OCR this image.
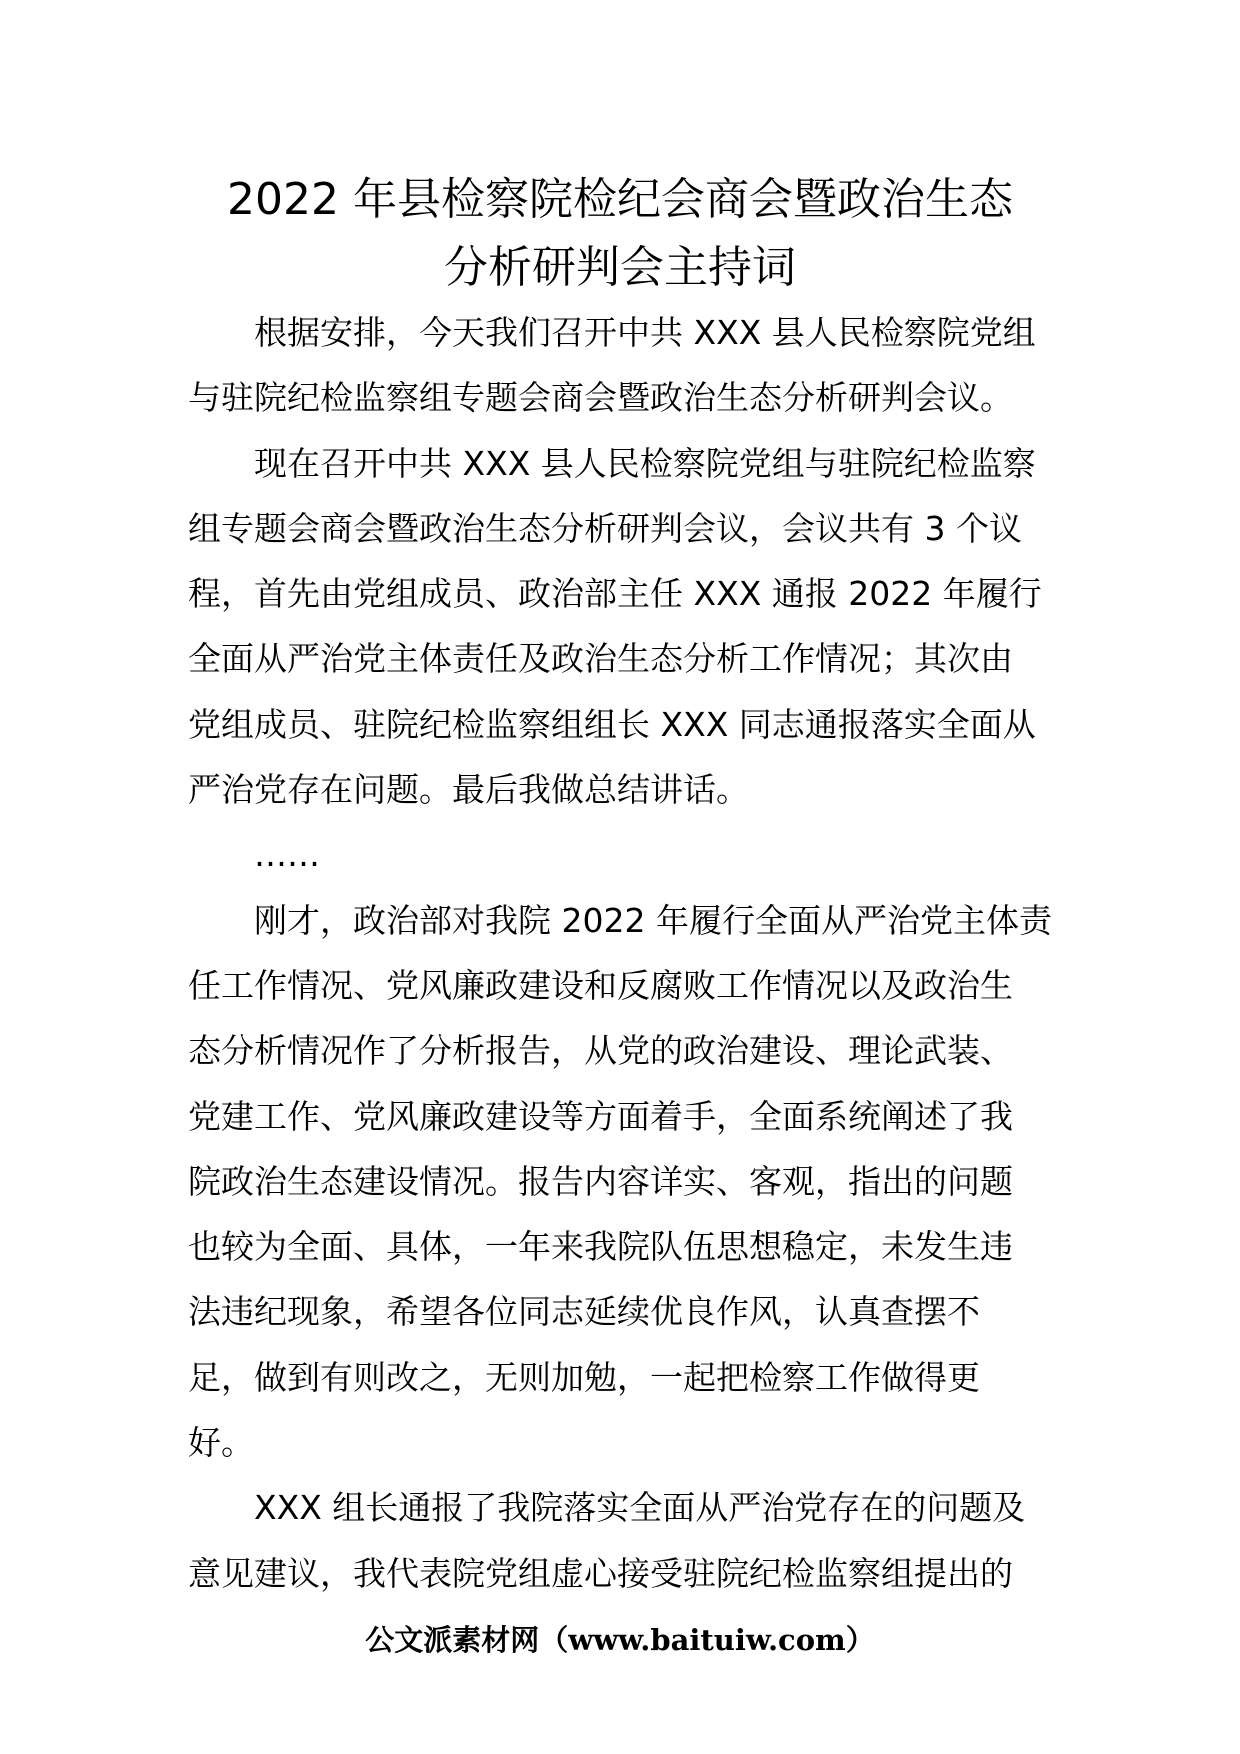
2022 年县检察院检纪会商会暨政治生态
分析研判会主持词
根据安排，今天我们召开中共 XXX 县人民检察院党组
与驻院纪检监察组专题会商会暨政治生态分析研判会议。
现在召开中共 XXX 县人民检察院党组与驻院纪检监察
组专题会商会暨政治生态分析研判会议，会议共有 3 个议
程，首先由党组成员、政治部主任 XXX 通报 2022 年履行
全面从严治党主体责任及政治生态分析工作情况；其次由
党组成员、驻院纪检监察组组长 XXX 同志通报落实全面从
严治党存在问题。最后我做总结讲话。
……
刚才，政治部对我院 2022 年履行全面从严治党主体责
任工作情况、党风廉政建设和反腐败工作情况以及政治生
态分析情况作了分析报告，从党的政治建设、理论武装、
党建工作、党风廉政建设等方面着手，全面系统阐述了我
院政治生态建设情况。报告内容详实、客观，指出的问题
也较为全面、具体，一年来我院队伍思想稳定，未发生违
法违纪现象，希望各位同志延续优良作风，认真查摆不
足，做到有则改之，无则加勉，一起把检察工作做得更
好。
XXX 组长通报了我院落实全面从严治党存在的问题及
意见建议，我代表院党组虚心接受驻院纪检监察组提出的
公文派素材网（www.baituiw.com）
